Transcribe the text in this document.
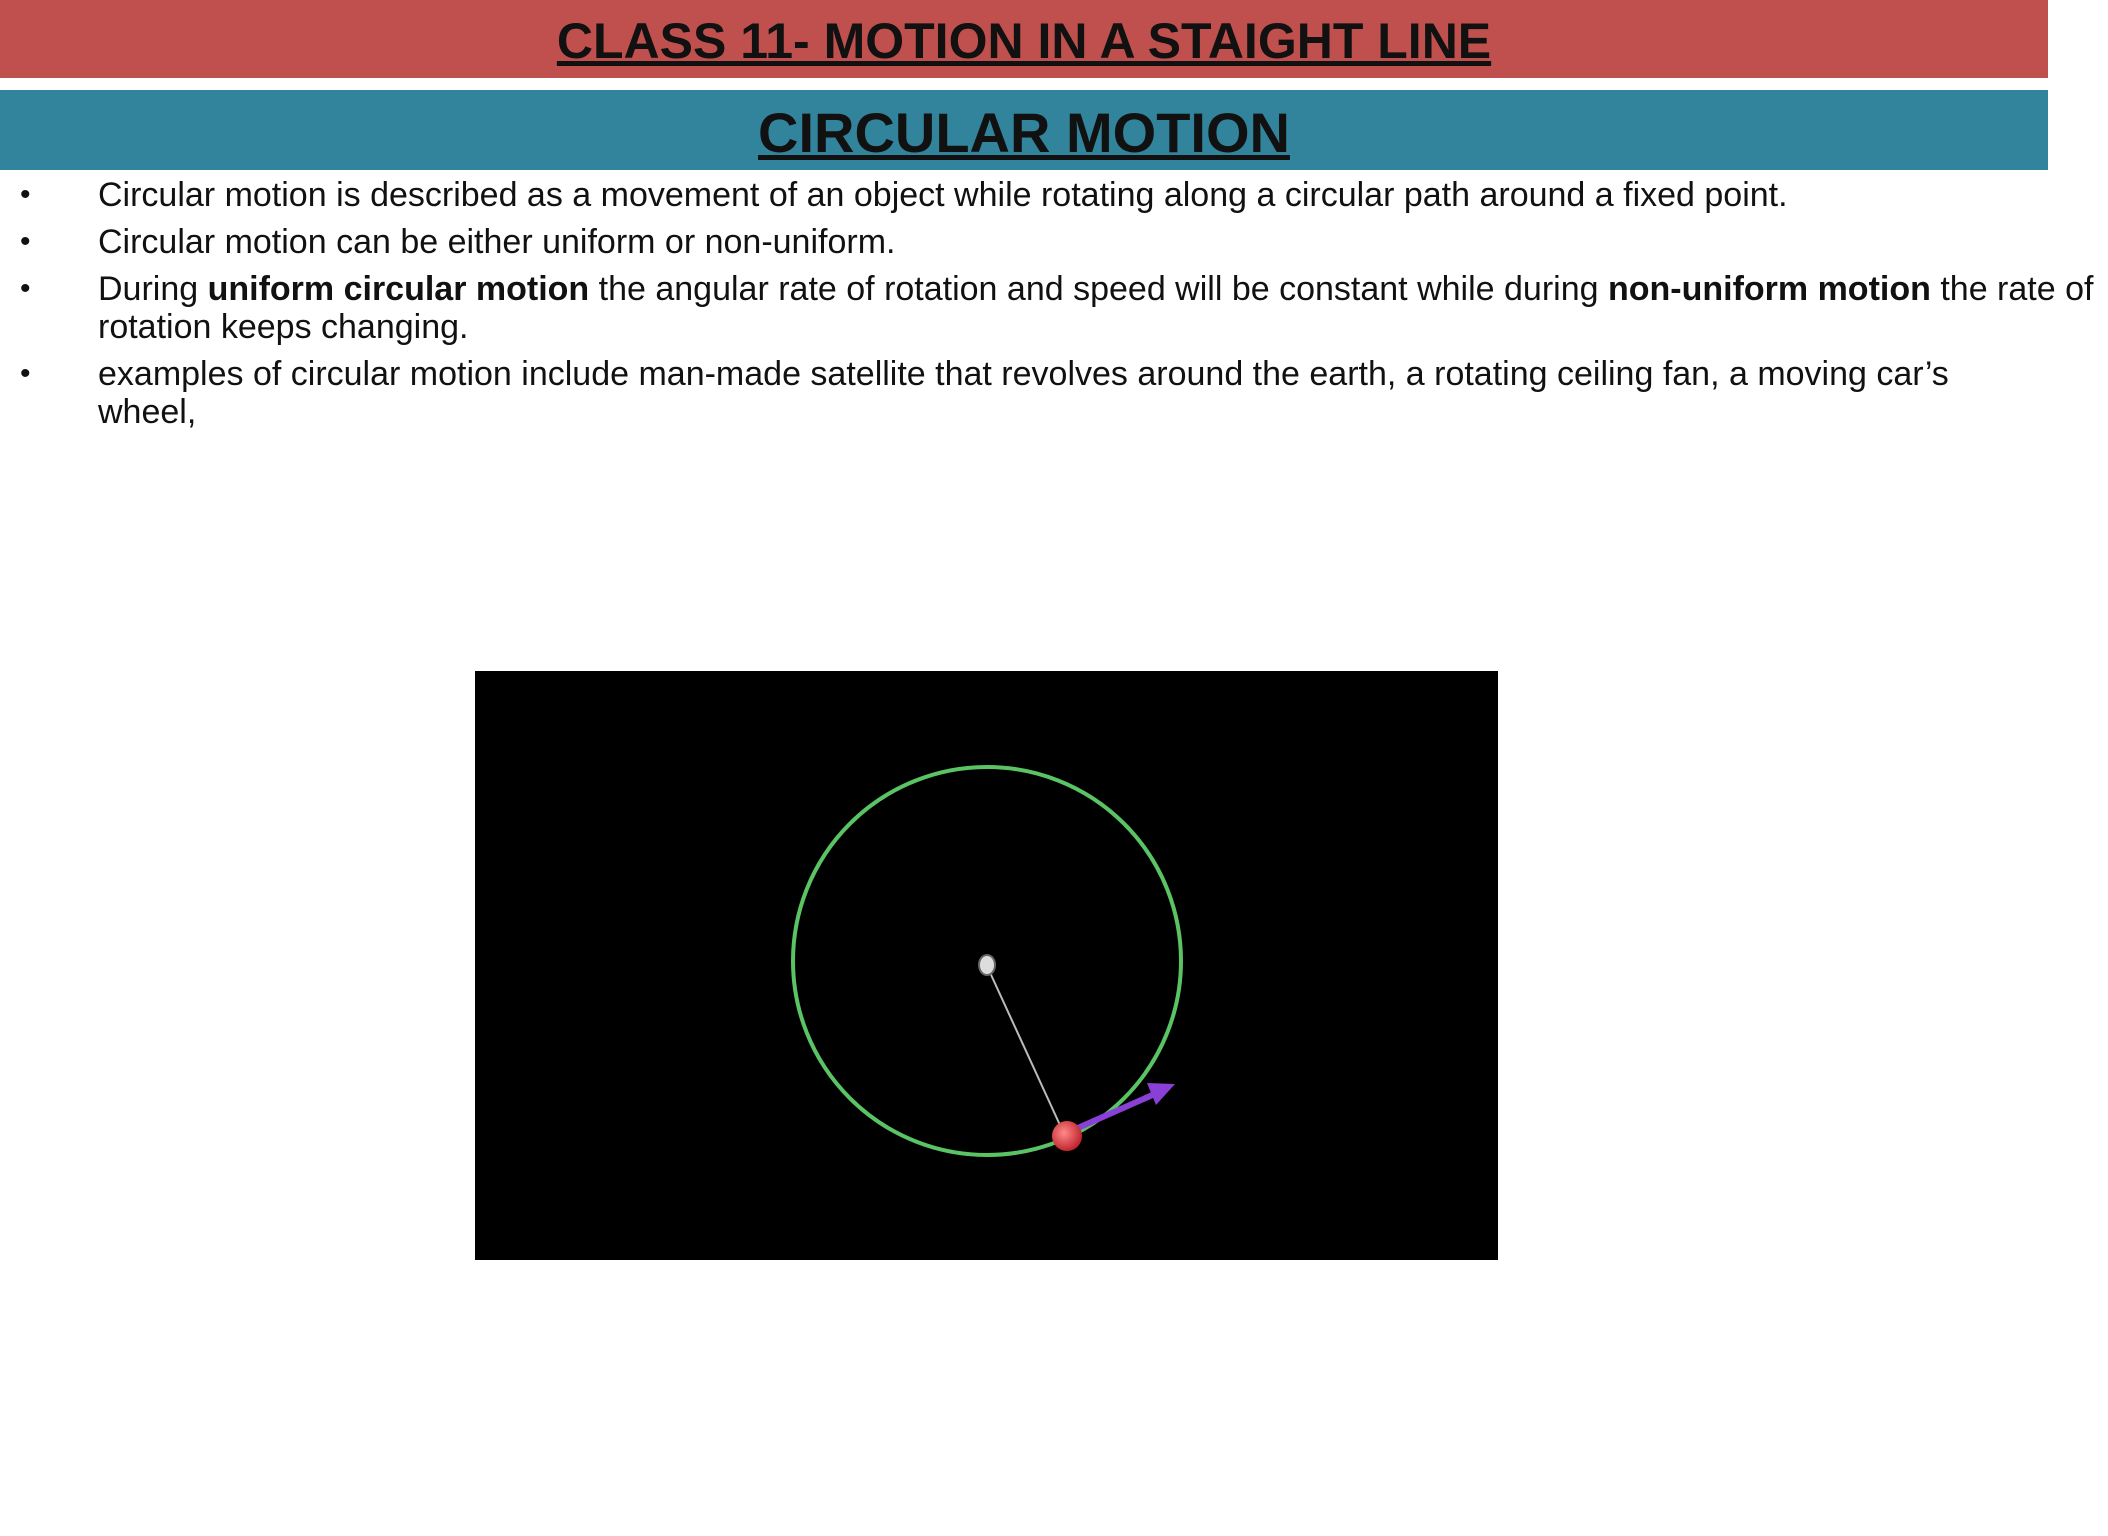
CLASS 11- MOTION IN A STAIGHT LINE
CIRCULAR MOTION
• Circular motion is described as a movement of an object while rotating along a circular path around a fixed point.
• Circular motion can be either uniform or non-uniform.
• During uniform circular motion the angular rate of rotation and speed will be constant while during non-uniform motion the rate of rotation keeps changing.
• examples of circular motion include man-made satellite that revolves around the earth, a rotating ceiling fan, a moving car’s wheel,
